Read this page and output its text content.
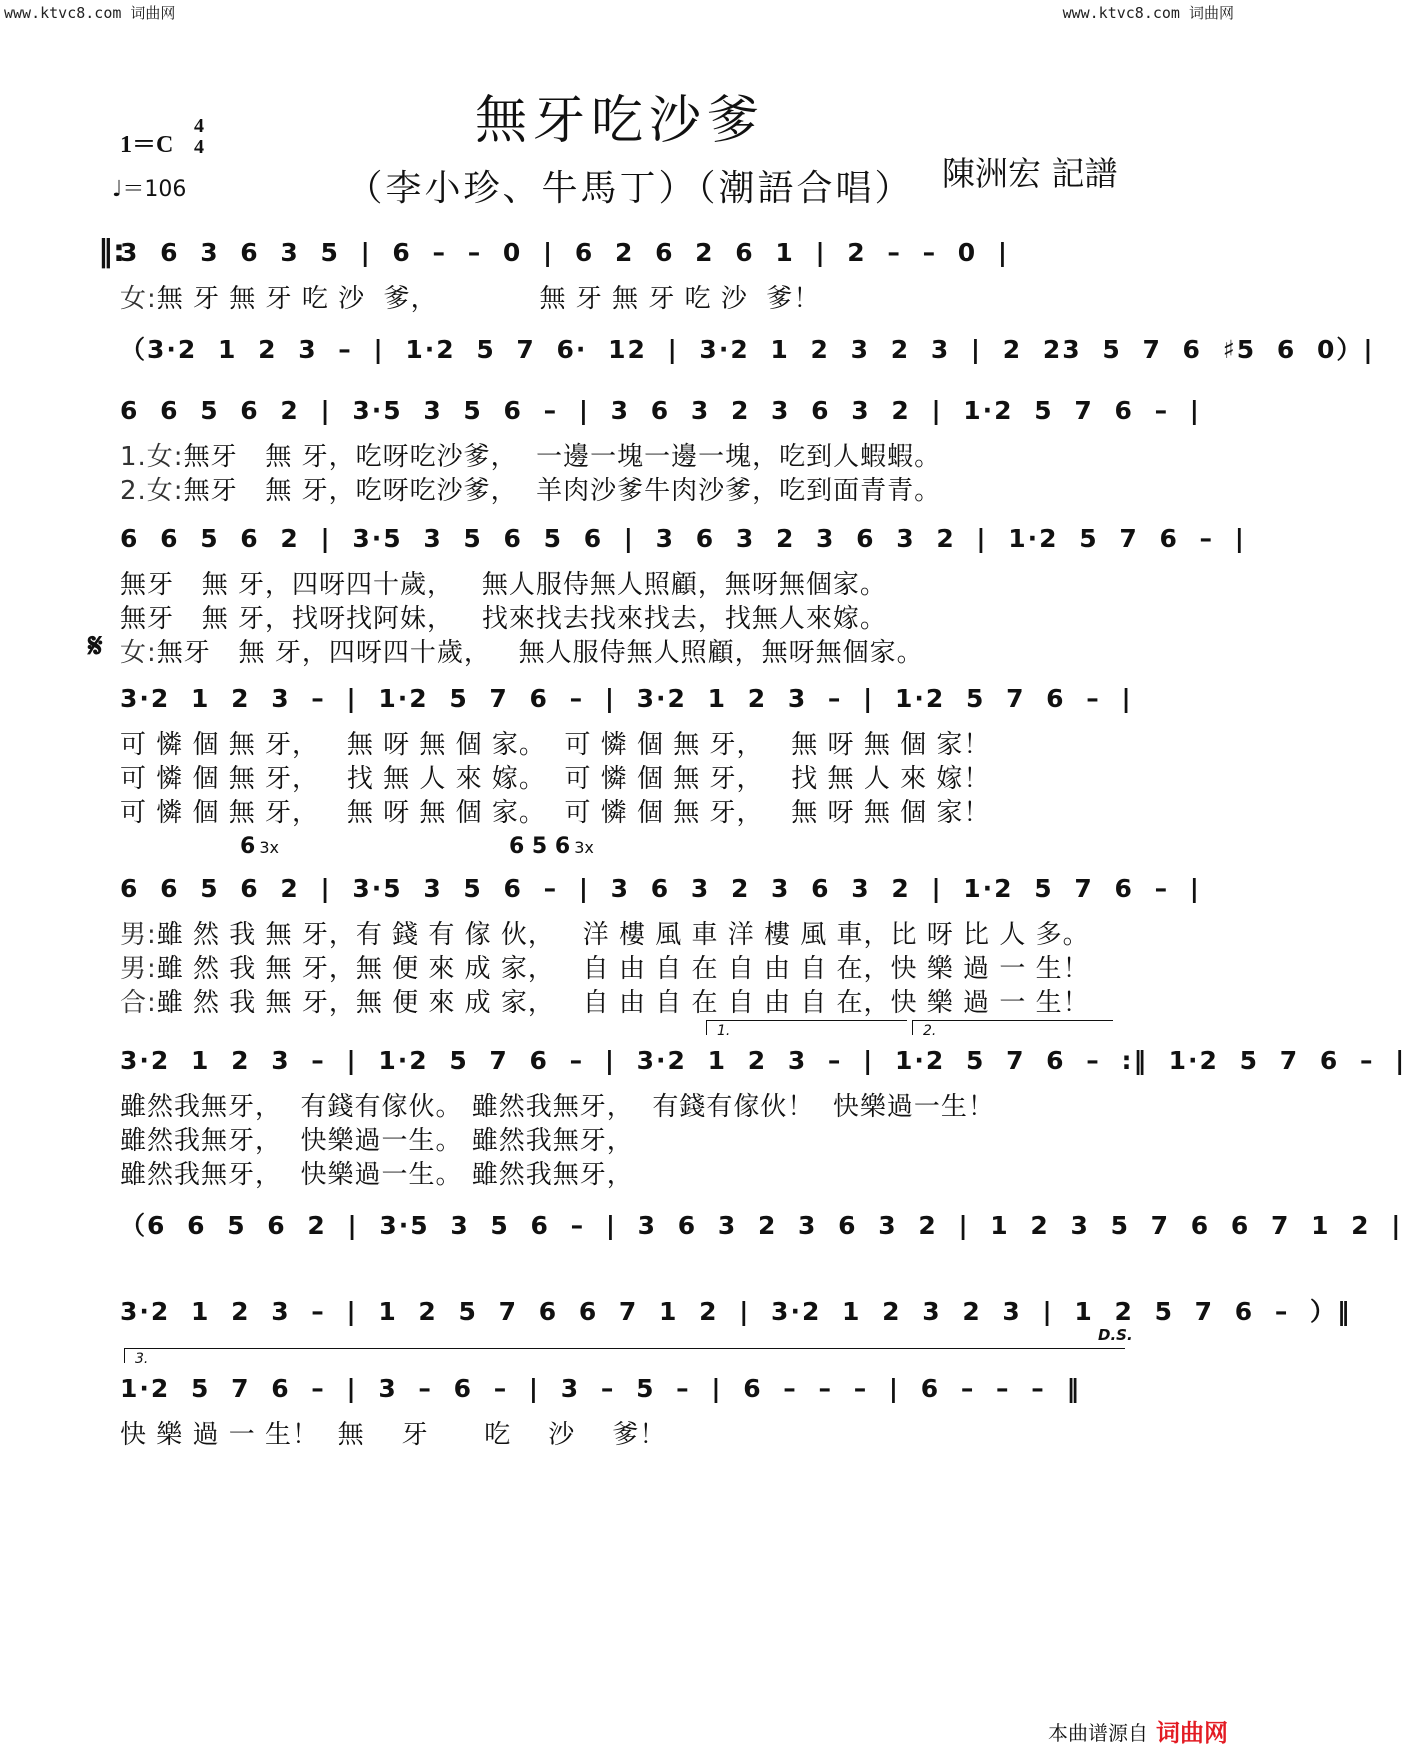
www.ktvc8.com 词曲网	www.ktvc8.com 词曲网
無牙吃沙爹
（李小珍、牛馬丁）（潮語合唱） 陳洲宏 記譜
1＝C
4
4
♩＝106
3 6 3 6 3 5 | 6 – – 0 | 6 2 6 2 6 1 | 2 – – 0 |
‖:
女:無 牙 無 牙 吃 沙  爹，           無 牙 無 牙 吃 沙  爹！
（3·2 1 2 3 – | 1·2 5 7 6· 12 | 3·2 1 2 3 2 3 | 2 23 5 7 6 ♯5 6 0）|
6 6 5 6 2 | 3·5 3 5 6 – | 3 6 3 2 3 6 3 2 | 1·2 5 7 6 – |
1.女:無牙   無 牙，吃呀吃沙爹，  一邊一塊一邊一塊，吃到人蝦蝦。
2.女:無牙   無 牙，吃呀吃沙爹，  羊肉沙爹牛肉沙爹，吃到面青青。
6 6 5 6 2 | 3·5 3 5 6 5 6 | 3 6 3 2 3 6 3 2 | 1·2 5 7 6 – |
無牙   無 牙，四呀四十歲，   無人服侍無人照顧，無呀無個家。
無牙   無 牙，找呀找阿妹，   找來找去找來找去，找無人來嫁。
女:無牙   無 牙，四呀四十歲，   無人服侍無人照顧，無呀無個家。
3·2 1 2 3 – | 1·2 5 7 6 – | 3·2 1 2 3 – | 1·2 5 7 6 – |
可 憐 個 無 牙，   無 呀 無 個 家。  可 憐 個 無 牙，   無 呀 無 個 家！
可 憐 個 無 牙，   找 無 人 來 嫁。  可 憐 個 無 牙，   找 無 人 來 嫁！
可 憐 個 無 牙，   無 呀 無 個 家。  可 憐 個 無 牙，   無 呀 無 個 家！
6 3x	6 5 6 3x
6 6 5 6 2 | 3·5 3 5 6 – | 3 6 3 2 3 6 3 2 | 1·2 5 7 6 – |
男:雖 然 我 無 牙，有 錢 有 傢 伙，   洋 樓 風 車 洋 樓 風 車，比 呀 比 人 多。
男:雖 然 我 無 牙，無 便 來 成 家，   自 由 自 在 自 由 自 在，快 樂 過 一 生！
合:雖 然 我 無 牙，無 便 來 成 家，   自 由 自 在 自 由 自 在，快 樂 過 一 生！
1.	2.
3·2 1 2 3 – | 1·2 5 7 6 – | 3·2 1 2 3 – | 1·2 5 7 6 – :‖ 1·2 5 7 6 – |
雖然我無牙，  有錢有傢伙。 雖然我無牙，  有錢有傢伙！  快樂過一生！
雖然我無牙，  快樂過一生。 雖然我無牙，
雖然我無牙，  快樂過一生。 雖然我無牙，
（6 6 5 6 2 | 3·5 3 5 6 – | 3 6 3 2 3 6 3 2 | 1 2 3 5 7 6 6 7 1 2 |
3·2 1 2 3 – | 1 2 5 7 6 6 7 1 2 | 3·2 1 2 3 2 3 | 1 2 5 7 6 – ）‖
D.S.
3.
1·2 5 7 6 – | 3 – 6 – | 3 – 5 – | 6 – – – | 6 – – – ‖
快 樂 過 一 生！  無    牙      吃    沙    爹！
𝄋
本曲谱源自 词曲网
